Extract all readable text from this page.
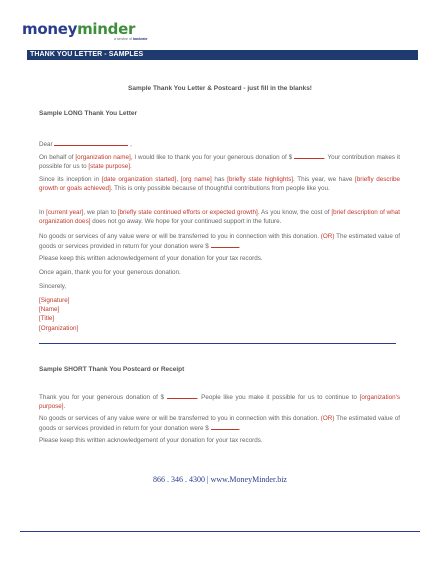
moneyminder
a service of bankrate
THANK YOU LETTER - SAMPLES
Sample Thank You Letter & Postcard - just fill in the blanks!
Sample LONG Thank You Letter
Dear	,
On behalf of [organization name], I would like to thank you for your generous donation of $	. Your contribution makes it possible for us to [state purpose].
Since its inception in [date organization started], [org name] has [briefly state highlights]. This year, we have [briefly describe growth or goals achieved]. This is only possible because of thoughtful contributions from people like you.
In [current year], we plan to [briefly state continued efforts or expected growth]. As you know, the cost of [brief description of what organization does] does not go away. We hope for your continued support in the future.
No goods or services of any value were or will be transferred to you in connection with this donation. (OR) The estimated value of goods or services provided in return for your donation were $	.
Please keep this written acknowledgement of your donation for your tax records.
Once again, thank you for your generous donation.
Sincerely,
[Signature]
[Name]
[Title]
[Organization]
Sample SHORT Thank You Postcard or Receipt
Thank you for your generous donation of $	. People like you make it possible for us to continue to [organization's purpose].
No goods or services of any value were or will be transferred to you in connection with this donation. (OR) The estimated value of goods or services provided in return for your donation were $	.
Please keep this written acknowledgement of your donation for your tax records.
866 . 346 . 4300 | www.MoneyMinder.biz
